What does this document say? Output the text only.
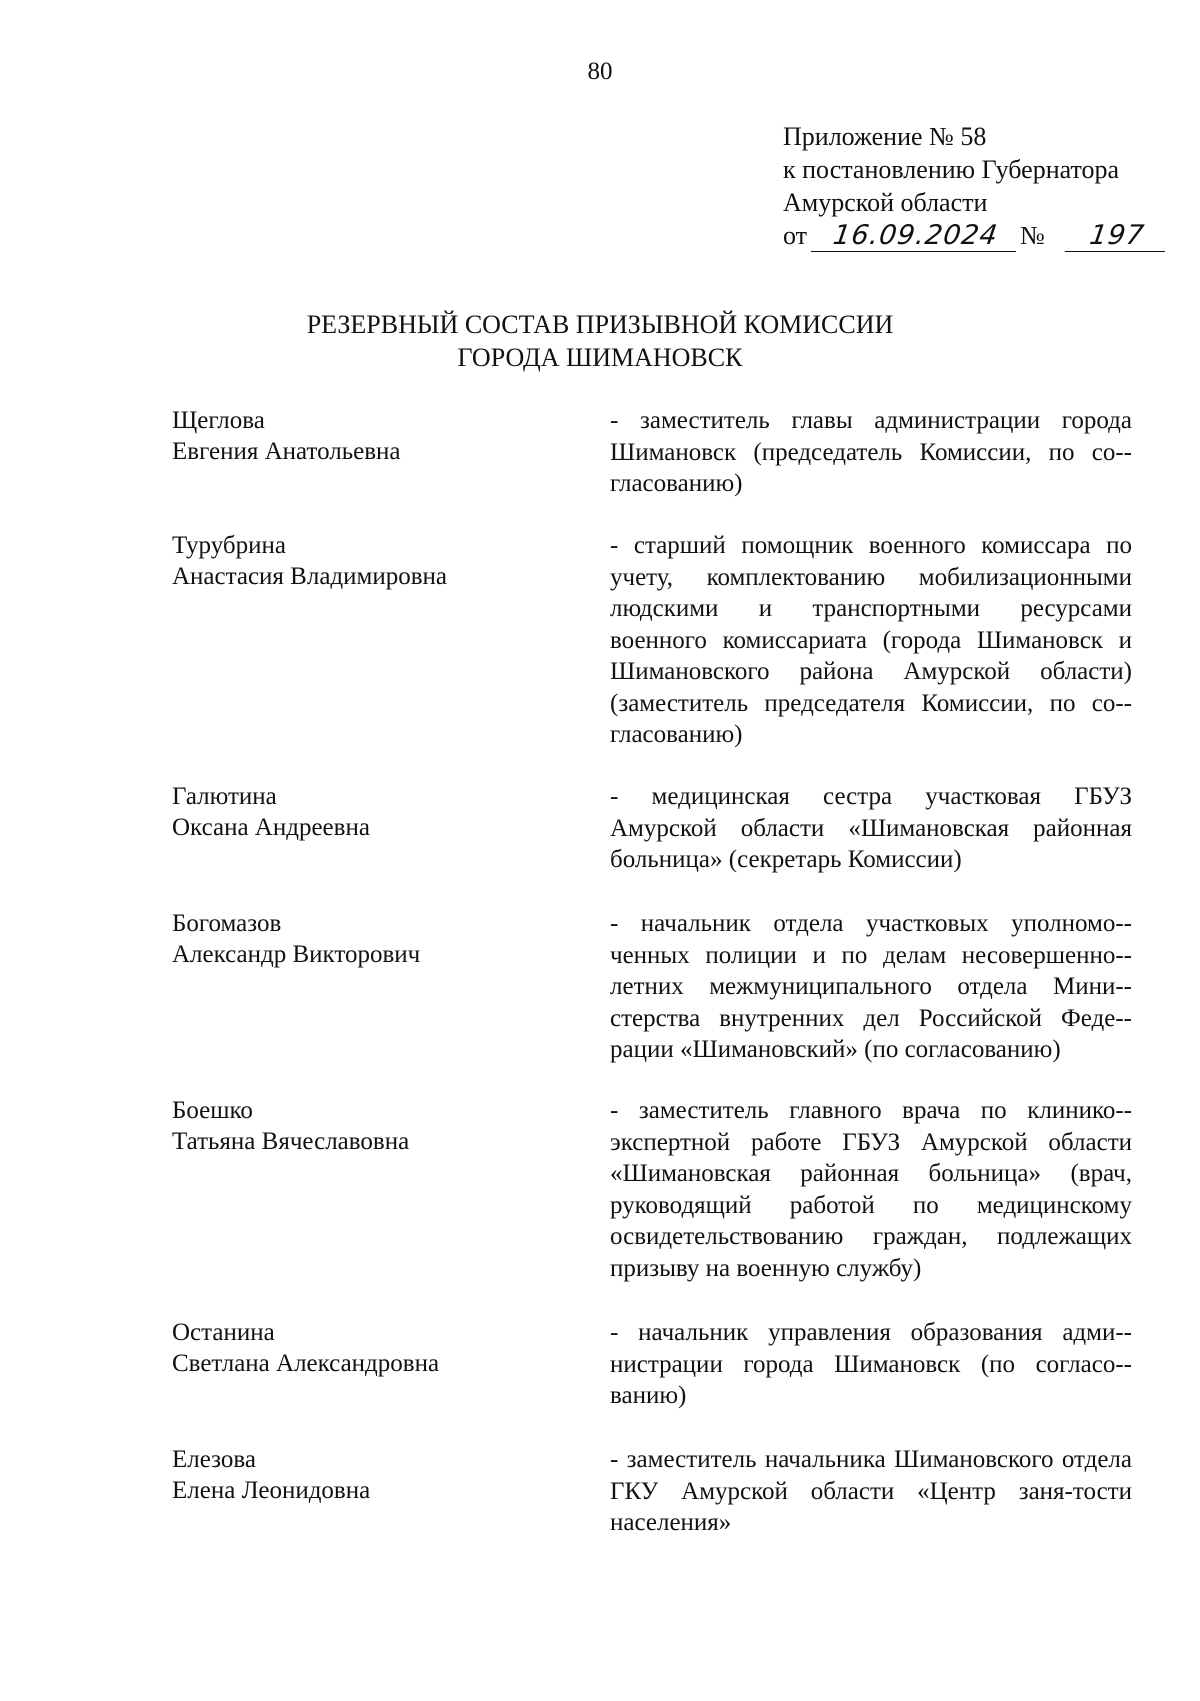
80
Приложение № 58
к постановлению Губернатора
Амурской области
от 16.09.2024 №	197
РЕЗЕРВНЫЙ СОСТАВ ПРИЗЫВНОЙ КОМИССИИ
ГОРОДА ШИМАНОВСК
Щеглова
Евгения Анатольевна
- заместитель главы администрации города Шимановск (председатель Комиссии, по со-гласованию)
Турубрина
Анастасия Владимировна
- старший помощник военного комиссара по учету, комплектованию мобилизационными людскими и транспортными ресурсами военного комиссариата (города Шимановск и Шимановского района Амурской области) (заместитель председателя Комиссии, по со-гласованию)
Галютина
Оксана Андреевна
- медицинская сестра участковая ГБУЗ Амурской области «Шимановская районная больница» (секретарь Комиссии)
Богомазов
Александр Викторович
- начальник отдела участковых уполномо-ченных полиции и по делам несовершенно-летних межмуниципального отдела Мини-стерства внутренних дел Российской Феде-рации «Шимановский» (по согласованию)
Боешко
Татьяна Вячеславовна
- заместитель главного врача по клинико-экспертной работе ГБУЗ Амурской области «Шимановская районная больница» (врач, руководящий работой по медицинскому освидетельствованию граждан, подлежащих призыву на военную службу)
Останина
Светлана Александровна
- начальник управления образования адми-нистрации города Шимановск (по согласо-ванию)
Елезова
Елена Леонидовна
- заместитель начальника Шимановского отдела ГКУ Амурской области «Центр заня-тости населения»
